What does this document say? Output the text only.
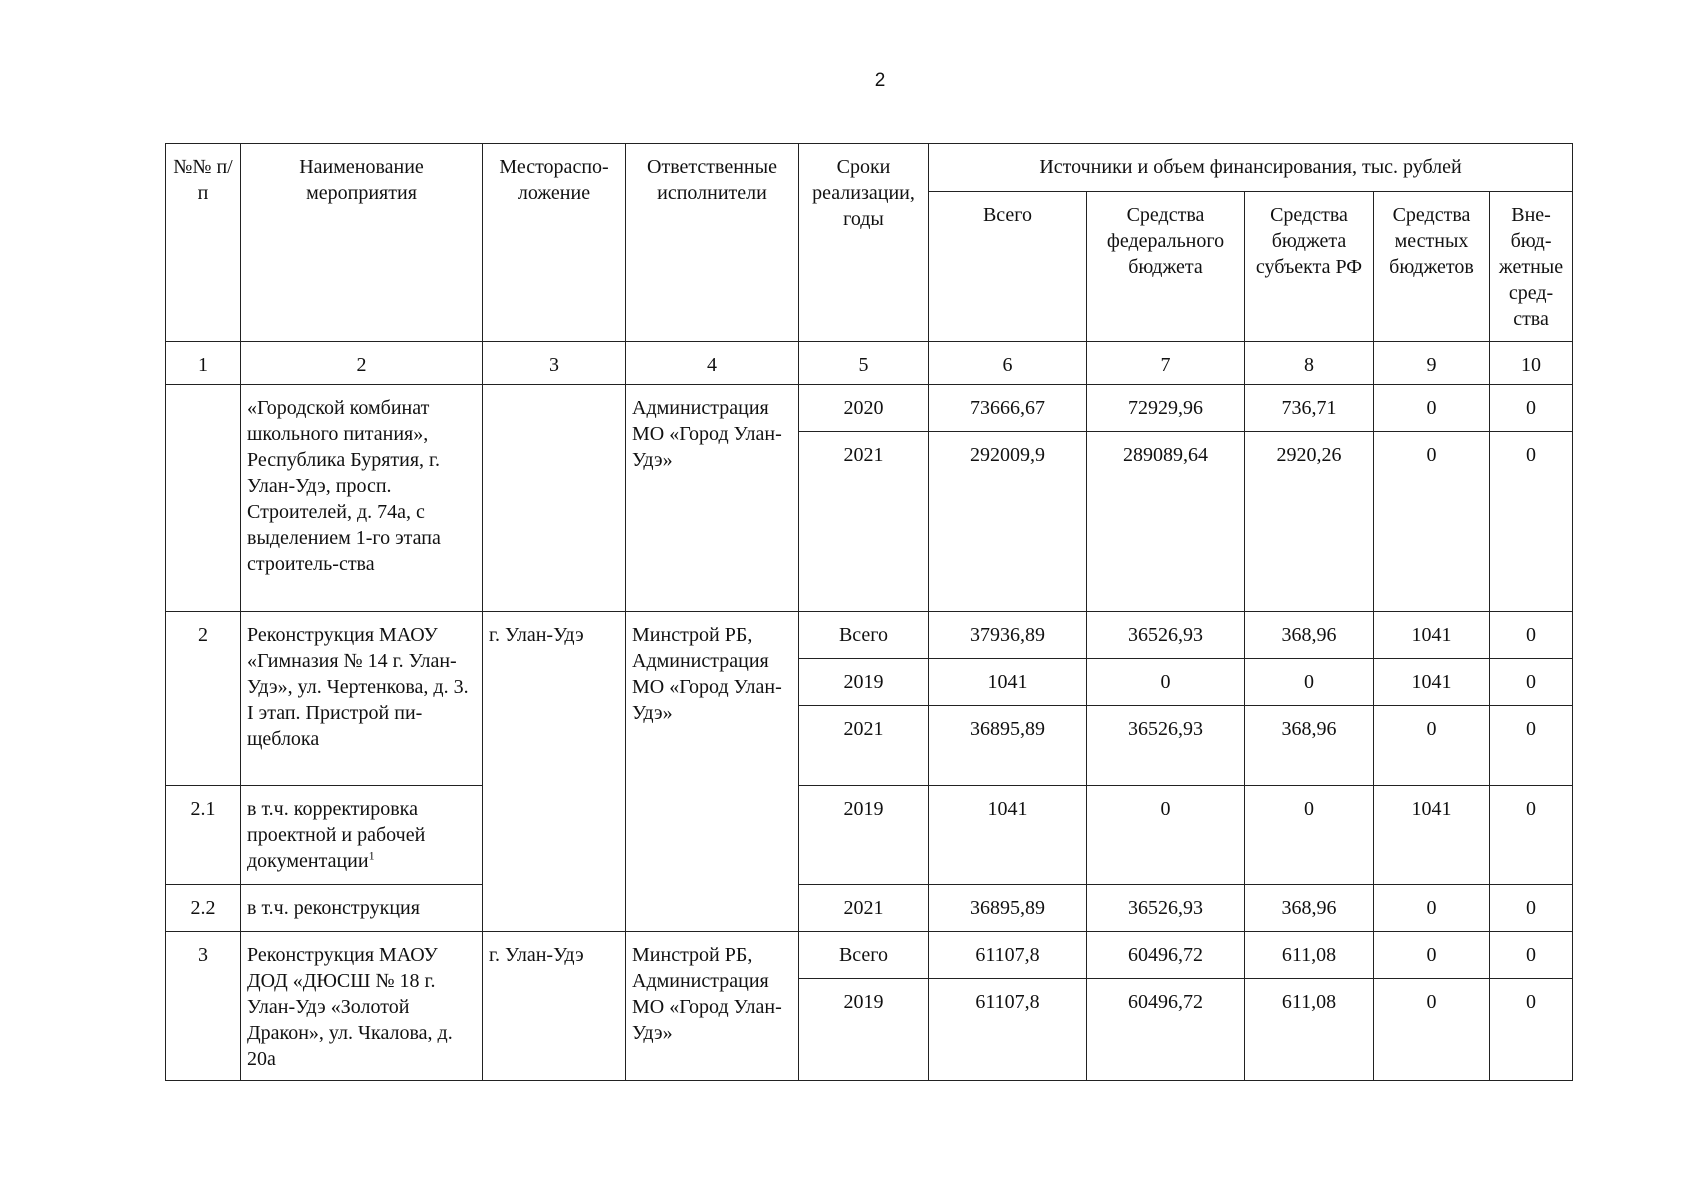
2
№№ п/п	Наименование мероприятия	Местораспо-ложение	Ответственные исполнители	Сроки реализации, годы	Источники и объем финансирования, тыс. рублей				
					Всего	Средства федерального бюджета	Средства бюджета субъекта РФ	Средства местных бюджетов	Вне-бюд-жетные сред-ства
1	2	3	4	5	6	7	8	9	10
	«Городской комбинат школьного питания», Республика Бурятия, г. Улан-Удэ, просп. Строителей, д. 74а, с выделением 1-го этапа строитель-ства		Администрация МО «Город Улан-Удэ»	2020	73666,67	72929,96	736,71	0	0
				2021	292009,9	289089,64	2920,26	0	0
2	Реконструкция МАОУ «Гимназия № 14 г. Улан-Удэ», ул. Чертенкова, д. 3. I этап. Пристрой пи-щеблока	г. Улан-Удэ	Минстрой РБ, Администрация МО «Город Улан-Удэ»	Всего	37936,89	36526,93	368,96	1041	0
				2019	1041	0	0	1041	0
				2021	36895,89	36526,93	368,96	0	0
2.1	в т.ч. корректировка проектной и рабочей документации$^1$			2019	1041	0	0	1041	0
2.2	в т.ч. реконструкция			2021	36895,89	36526,93	368,96	0	0
3	Реконструкция МАОУ ДОД «ДЮСШ № 18 г. Улан-Удэ «Золотой Дракон», ул. Чкалова, д. 20а	г. Улан-Удэ	Минстрой РБ, Администрация МО «Город Улан-Удэ»	Всего	61107,8	60496,72	611,08	0	0
				2019	61107,8	60496,72	611,08	0	0
